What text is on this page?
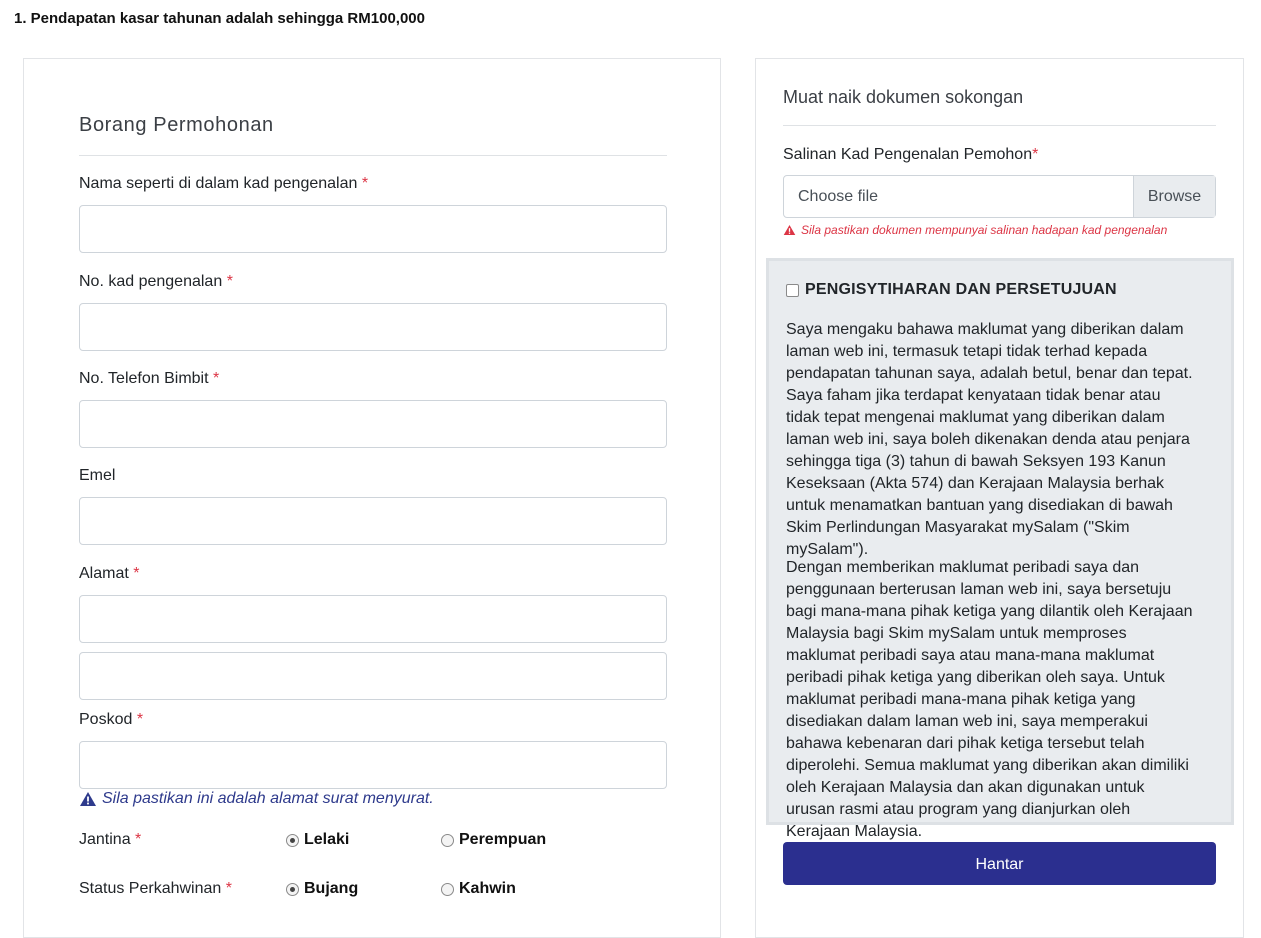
1. Pendapatan kasar tahunan adalah sehingga RM100,000
Borang Permohonan
Nama seperti di dalam kad pengenalan *
No. kad pengenalan *
No. Telefon Bimbit *
Emel
Alamat *
Poskod *
Sila pastikan ini adalah alamat surat menyurat.
Jantina *	Lelaki	Perempuan
Status Perkahwinan *	Bujang	Kahwin
Muat naik dokumen sokongan
Salinan Kad Pengenalan Pemohon*
Choose file	Browse
Sila pastikan dokumen mempunyai salinan hadapan kad pengenalan
PENGISYTIHARAN DAN PERSETUJUAN

Saya mengaku bahawa maklumat yang diberikan dalam laman web ini, termasuk tetapi tidak terhad kepada pendapatan tahunan saya, adalah betul, benar dan tepat. Saya faham jika terdapat kenyataan tidak benar atau tidak tepat mengenai maklumat yang diberikan dalam laman web ini, saya boleh dikenakan denda atau penjara sehingga tiga (3) tahun di bawah Seksyen 193 Kanun Keseksaan (Akta 574) dan Kerajaan Malaysia berhak untuk menamatkan bantuan yang disediakan di bawah Skim Perlindungan Masyarakat mySalam ("Skim mySalam").

Dengan memberikan maklumat peribadi saya dan penggunaan berterusan laman web ini, saya bersetuju bagi mana-mana pihak ketiga yang dilantik oleh Kerajaan Malaysia bagi Skim mySalam untuk memproses maklumat peribadi saya atau mana-mana maklumat peribadi pihak ketiga yang diberikan oleh saya. Untuk maklumat peribadi mana-mana pihak ketiga yang disediakan dalam laman web ini, saya memperakui bahawa kebenaran dari pihak ketiga tersebut telah diperolehi. Semua maklumat yang diberikan akan dimiliki oleh Kerajaan Malaysia dan akan digunakan untuk urusan rasmi atau program yang dianjurkan oleh Kerajaan Malaysia.

Hantar
